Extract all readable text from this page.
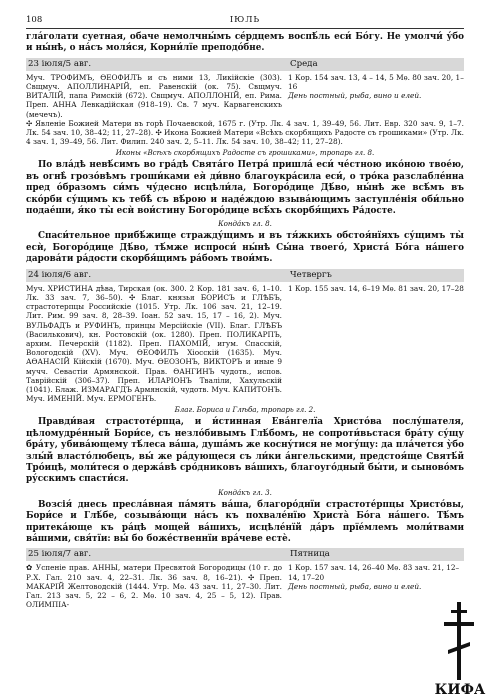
108	ІЮЛЬ

гла́голати суетная, обаче немолчны́мъ се́рдцемъ воспѣ́ль еси́ Бо́гу. Не умолчи́ у́бо и ны́нѣ, о на́съ моля́ся, Корни́лїе преподо́бне.

23 іюля/5 авг.	Среда
Муч. ТРОФИМЪ, ѲЕОФИЛЪ и съ ними 13, Ликійскіе (303). Свщмуч. АПОЛЛИНАРІЙ, еп. Равенскій (ок. 75). Свщмуч. ВИТАЛІЙ, папа Римскій (672). Свщмуч. АПОЛЛОНІЙ, еп. Рима. Преп. АННА Левкадійская (918–19). Св. 7 муч. Карвагенскихъ (мечечъ).
1 Кор. 154 зач. 13, 4 – 14, 5 Мѳ. 80 зач. 20, 1–16
День постный, рыба, вино и елей.
✣ Явленіе Божией Матери въ горѣ Почаевской, 1675 г. (Утр. Лк. 4 зач. 1, 39–49, 56. Лит. Евр. 320 зач. 9, 1–7. Лк. 54 зач. 10, 38–42; 11, 27–28). ✣ Икона Божией Матери «Всѣхъ скорбящихъ Радосте съ грошиками» (Утр. Лк. 4 зач. 1, 39–49, 56. Лит. Филип. 240 зач. 2, 5–11. Лк. 54 зач. 10, 38–42; 11, 27–28).
Иконы «Всѣхъ скорбящихъ Радосте съ грошиками», тропарь гл. 8.

По вла́дѣ невѣ́симъ во гра́дѣ Свята́го Петра́ пришла́ еси́ че́стною ико́ною твое́ю, въ огнѣ̀ грозо́вѣмъ гроши́ками ея̀ ди́вно благоукра́сила еси́, о тро́ка разслабле́нна пред о́бразомъ си́мъ чу́десно исцѣли́ла, Богоро́дице Дѣ́во, ны́нѣ же всѣ́мъ въ ско́рби су́щимъ къ тебѣ̀ съ вѣ́рою и наде́ждою взыва́ющимъ заступле́нія оби́льно подае́ши, я́ко ты̀ есѝ вои́стину Богоро́дице всѣ́хъ скорбя́щихъ Ра́досте.

Конда́къ гл. 8.

Спаси́тельное прибѣ́жище стражду́щимъ и въ тя́жкихъ обстоя́нїяхъ су́щимъ ты̀ есѝ, Богоро́дице Дѣ́во, тѣ́мже испроси́ ны́нѣ Сы́на твоего́, Христа́ Бо́га на́шего дарова́ти ра́дости скорбя́щимъ ра́бомъ твои́мъ.

24 іюля/6 авг.	Четвергъ
Муч. ХРИСТИНА дѣва, Тирская (ок. 300. 2 Кор. 181 зач. 6, 1–10. Лк. 33 зач. 7, 36–50). ✣ Благ. князья БОРИСЪ и ГЛѢБЪ, страстотерпцы Российскіе (1015. Утр. Лк. 106 зач. 21, 12–19. Лит. Рим. 99 зач. 8, 28–39. Іоан. 52 зач. 15, 17 – 16, 2). Муч. ВУЛЬФАДЪ и РУФИНЪ, принцы Мерсійскіе (VII). Благ. ГЛѢБЪ (Василькович), кн. Ростовскій (ок. 1280). Преп. ПОЛИКАРПЪ, архим. Печерскій (1182). Преп. ПАХОМІЙ, игум. Спасскій, Вологодскій (XV). Муч. ѲЕОФИЛЪ Хіосскій (1635). Муч. АѲАНАСІЙ Кійскій (1670). Муч. ѲЕОЗОНЪ, ВИКТОРЪ и иные 9 мучч. Севастіи Армянской. Прав. ѲАНГИНЪ чудотв., испов. Таврійскій (306–37). Преп. ИЛАРІОНЪ Тваліли, Хахульскій (1041). Блаж. ИЗМАРАГДЪ Армянскій, чудотв. Муч. КАПИТОНЪ. Муч. ИМЕНІЙ. Муч. ЕРМОГЕНЪ.
1 Кор. 155 зач. 14, 6–19 Мѳ. 81 зач. 20, 17–28
Благ. Бориса и Глѣба, тропарь гл. 2.

Правди́вая страстоте́рпца, и и́стинная Ева́нгелїа Христо́ва послу́шателя, цѣломудре́нный Бори́се, съ незло́бивымъ Глѣ́бомъ, не сопроти́вьстася бра́ту су́щу бра́ту, убива́ющему тѣ́леса ва́ша, душа́мъ же косну́тися не могу́щу: да пла́чется у̀бо злы́й власто́любецъ, вы́ же ра́дующеся съ ли́ки а́нгельскими, предстоя́ще Святѣ́й Тро́ицѣ, моли́теся о держа́вѣ сро́дниковъ ва́шихъ, благоуго́дный бы́ти, и сыново́мъ ру́сскимъ спасти́ся.

Конда́къ гл. 3.

Возсія́ днесь пресла́вная па́мять ва́ша, благоро́днїи страстоте́рпцы Христо́вы, Бори́се и Глѣ́бе, созыва́ющи на́съ къ похвале́нїю Христа̀ Бо́га на́шего. Тѣ́мъ притека́юще къ ра́цѣ мощей ва́шихъ, исцѣле́нїй да́ръ прїе́млемъ моли́твами ва́шими, свя́тїи: вы́ бо боже́ственнїи вра́чеве естѐ.

25 іюля/7 авг.	Пятница
✿ Успеніе прав. АННЫ, матери Пресвятой Богородицы (10 г. до Р.Х. Гал. 210 зач. 4, 22–31. Лк. 36 зач. 8, 16–21). ✣ Преп. МАКАРІЙ Желтоводскій (1444. Утр. Мѳ. 43 зач. 11, 27–30. Лит. Гал. 213 зач. 5, 22 – 6, 2. Мѳ. 10 зач. 4, 25 – 5, 12). Прав. ОЛИМПІА-
1 Кор. 157 зач. 14, 26–40 Мѳ. 83 зач. 21, 12–14, 17–20
День постный, рыба, вино и елей.
КИФА
